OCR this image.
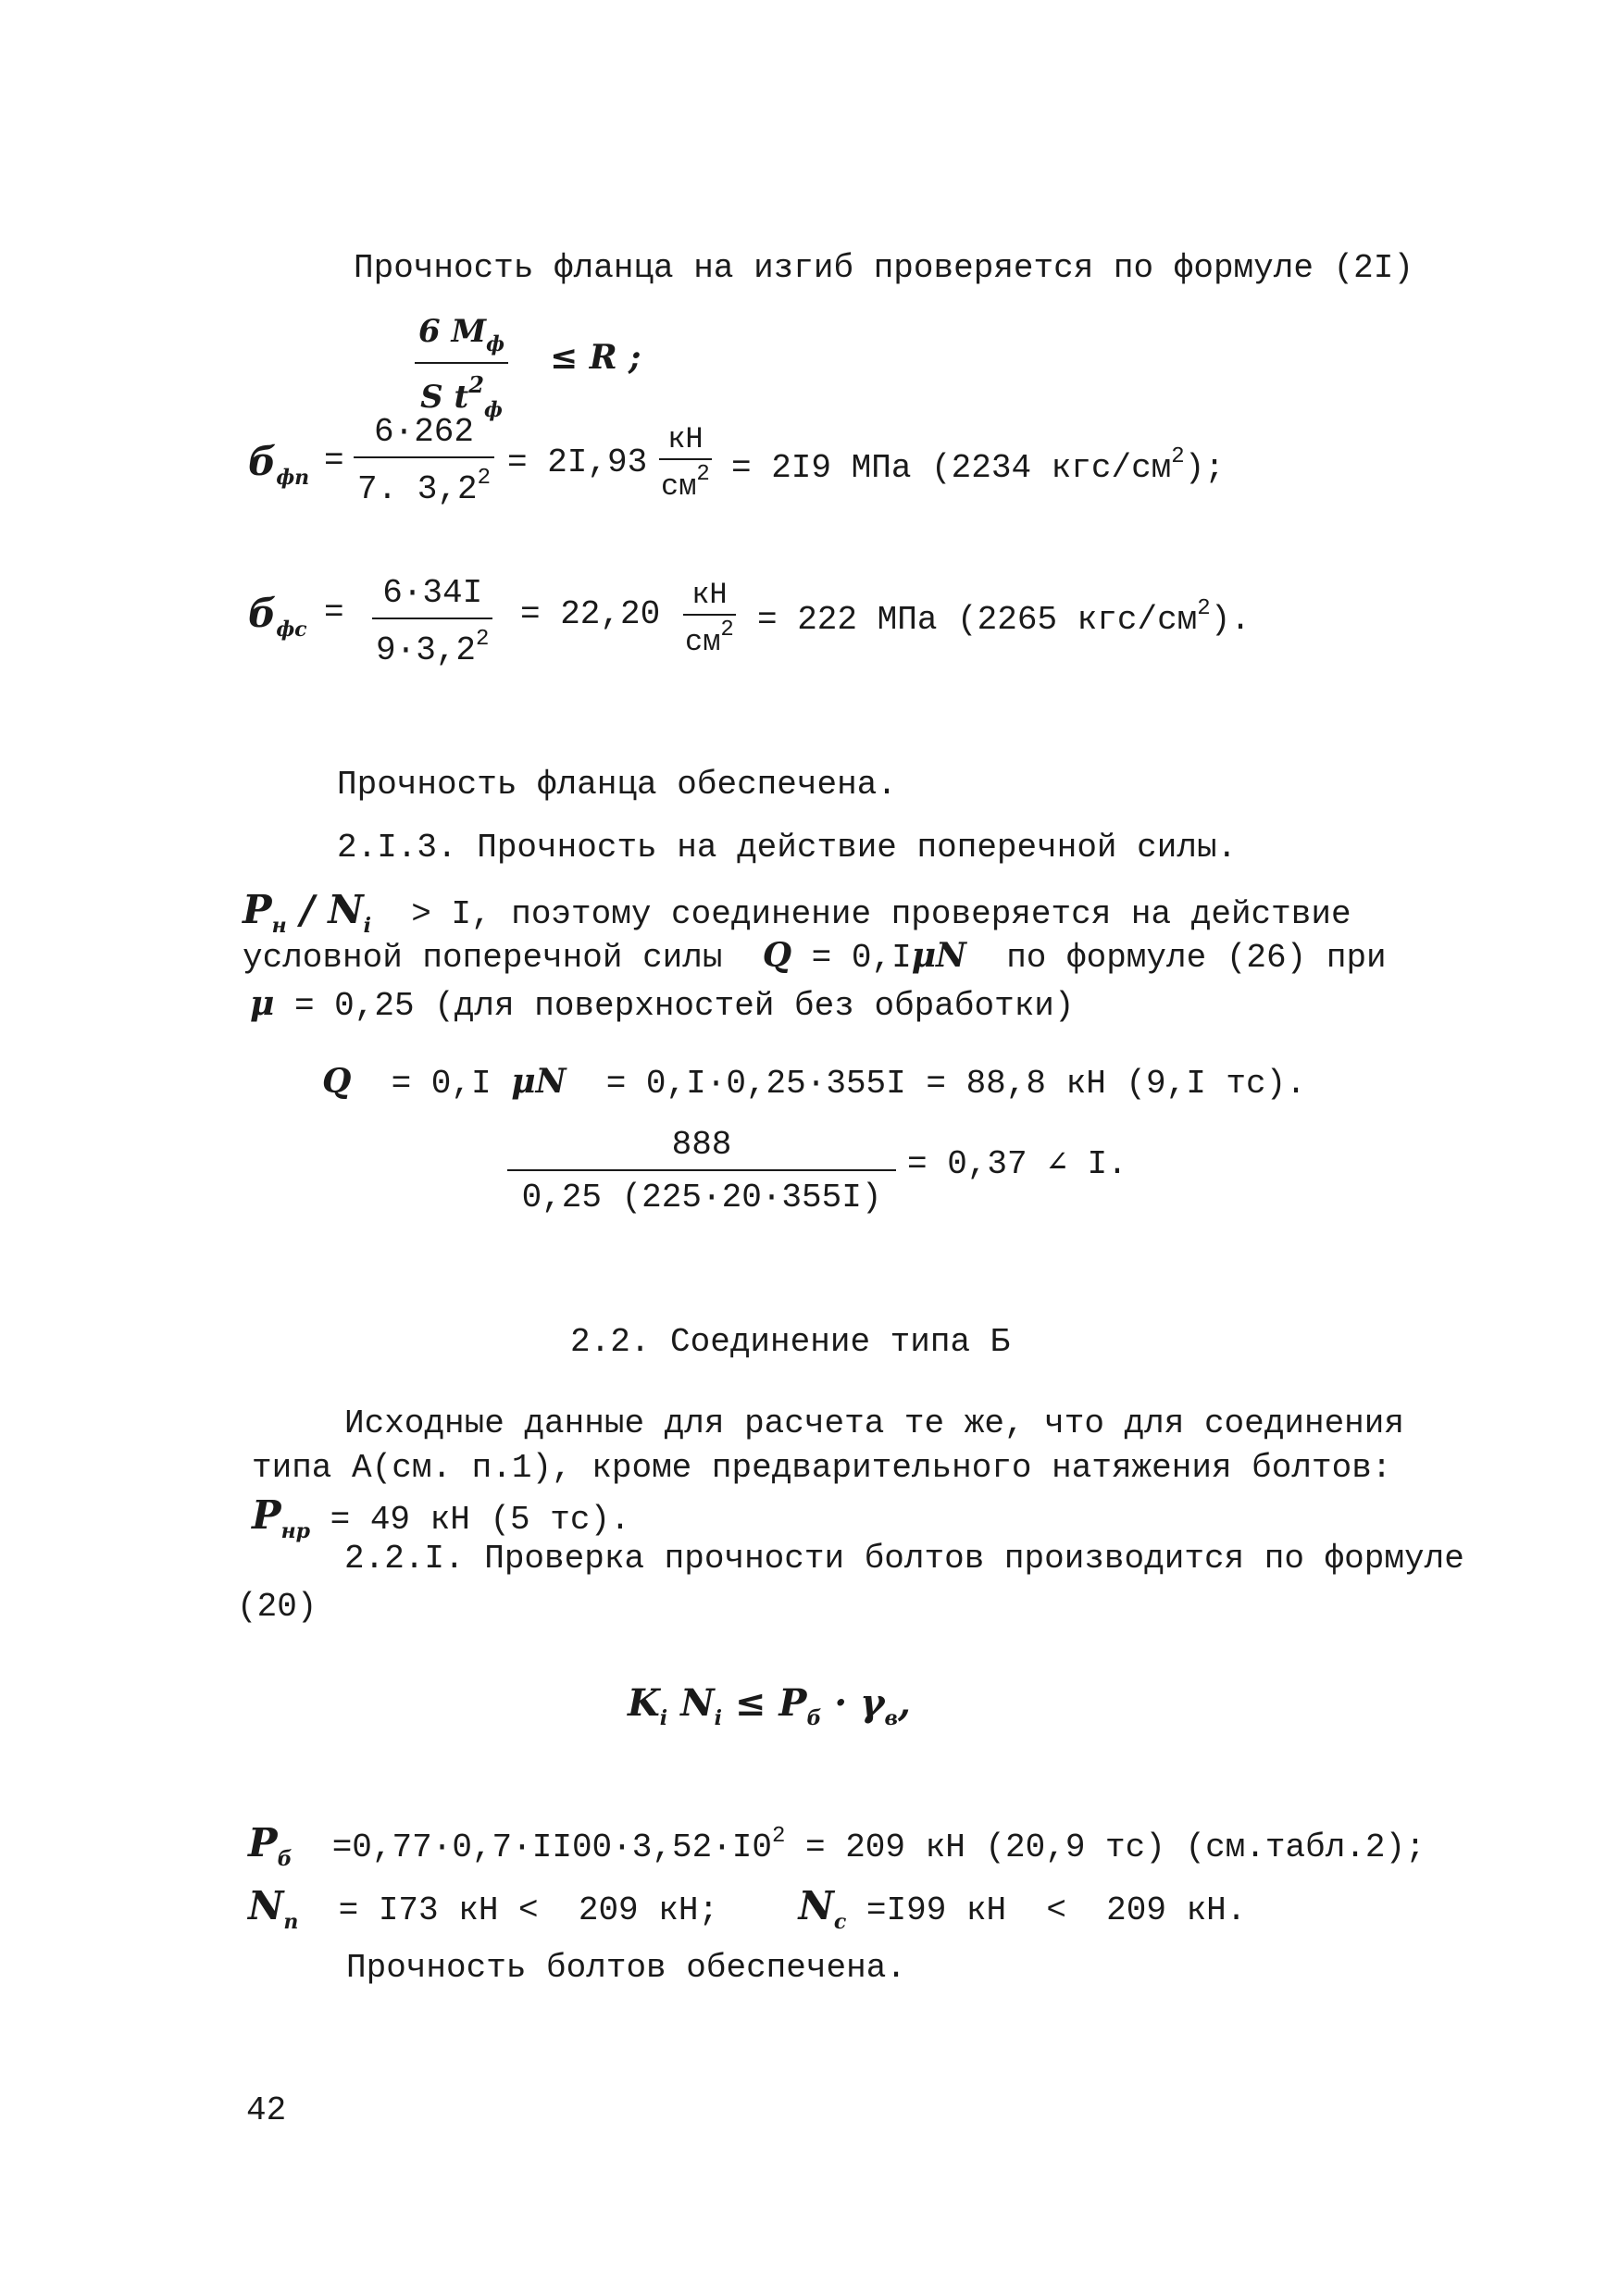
Прочность фланца на изгиб проверяется по формуле (2I)
6 $M_ф$
S $t^2_ф$
≤ R ;
$б_{фп} = \frac{6\cdot 262}{7. 3,2^2} = 2I,93$
кН
$см^2 = 2I9$ МПа (2234 кгс/$см^2$);
$б_{фс} = \frac{6\cdot 34I}{9\cdot 3,2^2} = 22,20$
кН
$см^2 = 222$ МПа (2265 кгс/$см^2$).
Прочность фланца обеспечена.
2.I.3. Прочность на действие поперечной силы.
$P_н / N_i > I$, поэтому соединение проверяется на действие
условной поперечной силы Q = 0,IμN по формуле (26) при
μ = 0,25 (для поверхностей без обработки)
Q = 0,I μN = 0,I·0,25·355I = 88,8 кН (9,I тс).
$\frac{888}{0,25 (225\cdot 20\cdot 355I)} = 0,37$ ∠ I.
2.2. Соединение типа Б
Исходные данные для расчета те же, что для соединения
типа А(см. п.1), кроме предварительного натяжения болтов:
$P_{нр} = 49$ кН (5 тс).
2.2.I. Проверка прочности болтов производится по формуле
(20)
$K_i$ $N_i \le P_б \cdot \gamma_в$,
$P_б =0,77\cdot 0,7\cdot II00\cdot 3,52\cdot I0^2 = 209$ кН (20,9 тс) (см.табл.2);
$N_п = I73$ кН <  209 кН; $N_с =I99$ кН  <  209 кН.
Прочность болтов обеспечена.
42
